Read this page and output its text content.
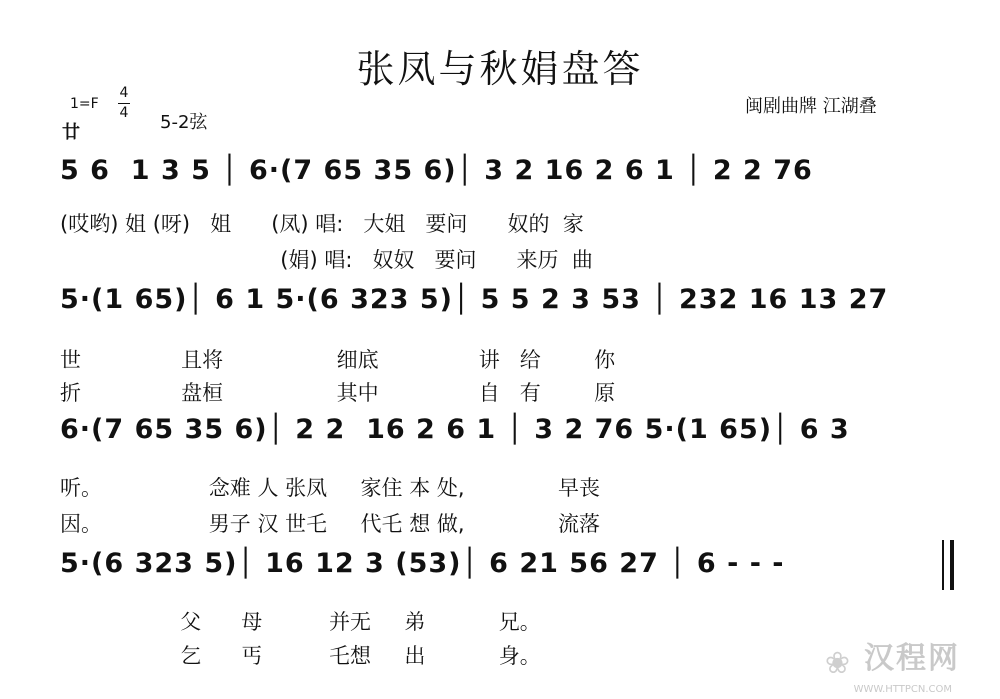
张凤与秋娟盘答
闽剧曲牌 江湖叠
1=F
4
4 5-2弦
廿
5 6  1 3 5 │ 6·(7 65 35 6)│ 3 2 16 2 6 1 │ 2 2 76
(哎哟) 姐 (呀)   姐      (凤) 唱:   大姐   要问      奴的  家
(娟) 唱:   奴奴   要问      来历  曲
5·(1 65)│ 6 1 5·(6 323 5)│ 5 5 2 3 53 │ 232 16 13 27
世               且将                 细底               讲   给        你
折               盘桓                 其中               自   有        原
6·(7 65 35 6)│ 2 2  16 2 6 1 │ 3 2 76 5·(1 65)│ 6 3
听。                念难 人 张凤     家住 本 处,              早丧
因。                男子 汉 世乇     代乇 想 做,              流落
5·(6 323 5)│ 16 12 3 (53)│ 6 21 56 27 │ 6 - - -
父      母          并无     弟           兄。
乞      丐          乇想     出           身。	❀ 汉程网
WWW.HTTPCN.COM
